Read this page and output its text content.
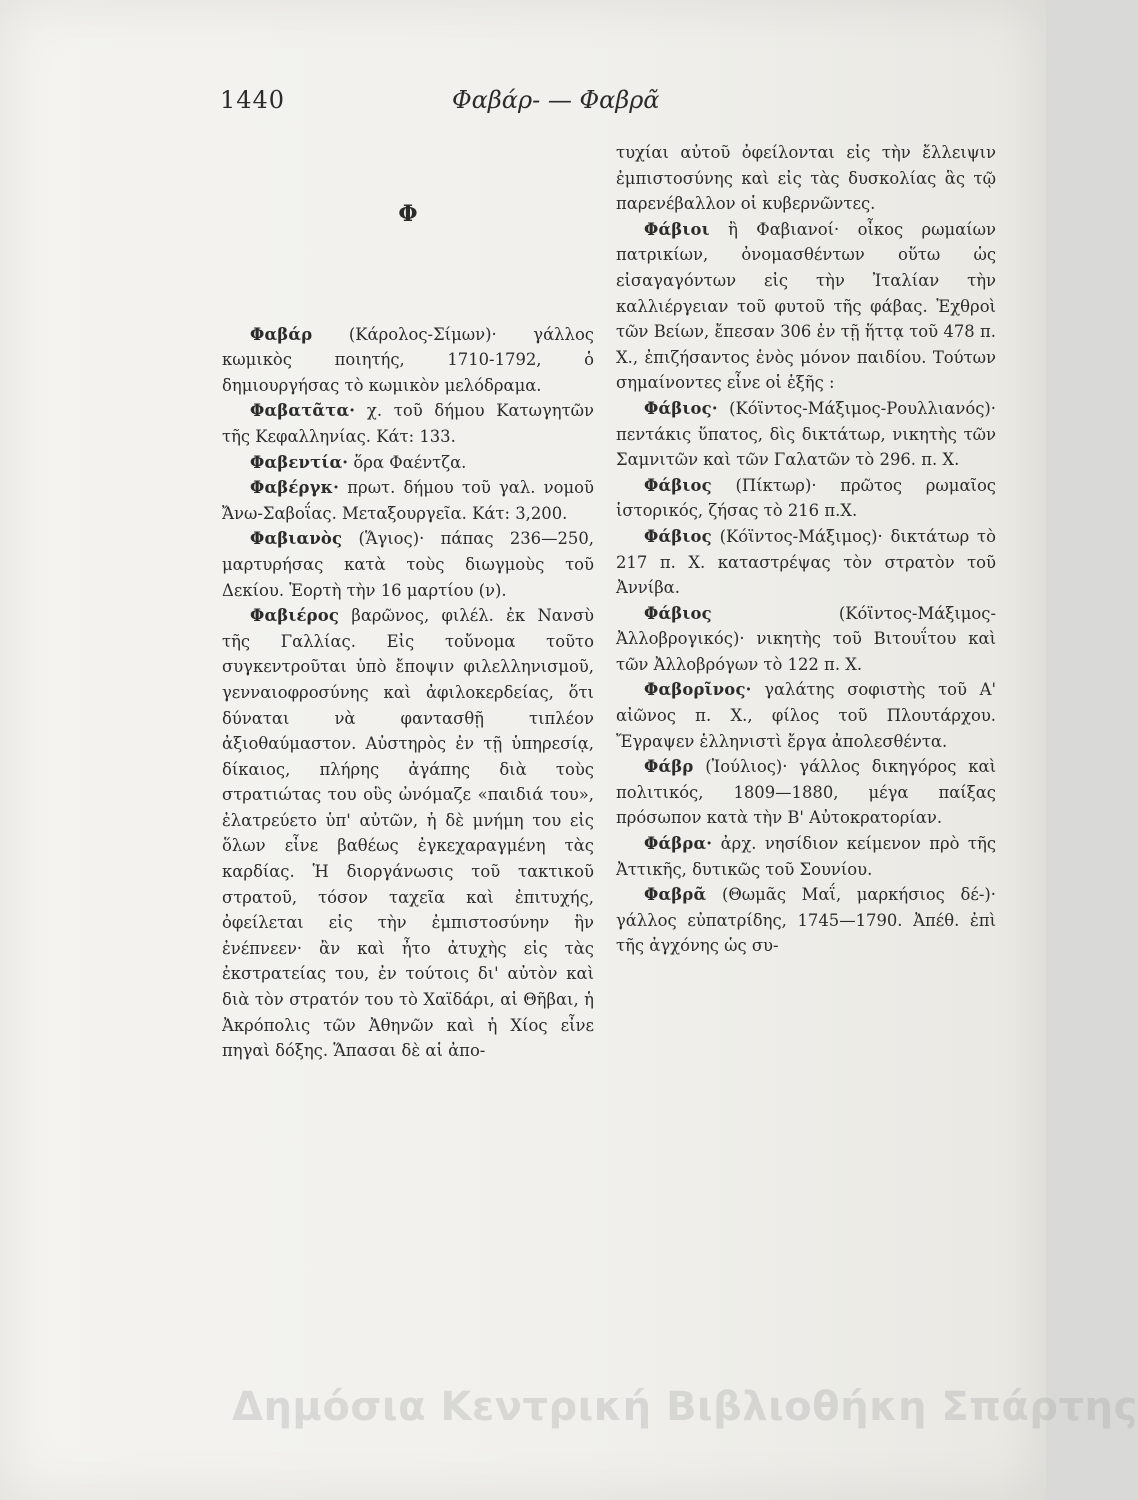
1440	Φαβάρ- — Φαβρᾶ
Φ

Φαβάρ (Κάρολος-Σίμων)· γάλλος κωμικὸς ποιητής, 1710-1792, ὁ δημιουργήσας τὸ κωμικὸν μελόδραμα.

Φαβατᾶτα· χ. τοῦ δήμου Κατωγητῶν τῆς Κεφαλληνίας. Κάτ: 133.

Φαβεντία· ὅρα Φαέντζα.

Φαβέργκ· πρωτ. δήμου τοῦ γαλ. νομοῦ Ἄνω-Σαβοΐας. Μεταξουργεῖα. Κάτ: 3,200.

Φαβιανὸς (Ἅγιος)· πάπας 236—250, μαρτυρήσας κατὰ τοὺς διωγμοὺς τοῦ Δεκίου. Ἑορτὴ τὴν 16 μαρτίου (ν).

Φαβιέρος βαρῶνος, φιλέλ. ἐκ Νανσὺ τῆς Γαλλίας. Εἰς τοὔνομα τοῦτο συγκεντροῦται ὑπὸ ἔποψιν φιλελληνισμοῦ, γενναιοφροσύνης καὶ ἀφιλοκερδείας, ὅτι δύναται νὰ φαντασθῇ τιπλέον ἀξιοθαύμαστον. Αὐστηρὸς ἐν τῇ ὑπηρεσίᾳ, δίκαιος, πλήρης ἀγάπης διὰ τοὺς στρατιώτας του οὓς ὠνόμαζε «παιδιά του», ἐλατρεύετο ὑπ' αὐτῶν, ἡ δὲ μνήμη του εἰς ὅλων εἶνε βαθέως ἐγκεχαραγμένη τὰς καρδίας. Ἡ διοργάνωσις τοῦ τακτικοῦ στρατοῦ, τόσον ταχεῖα καὶ ἐπιτυχής, ὀφείλεται εἰς τὴν ἐμπιστοσύνην ἣν ἐνέπνεεν· ἂν καὶ ἦτο ἀτυχὴς εἰς τὰς ἐκστρατείας του, ἐν τούτοις δι' αὐτὸν καὶ διὰ τὸν στρατόν του τὸ Χαϊδάρι, αἱ Θῆβαι, ἡ Ἀκρόπολις τῶν Ἀθηνῶν καὶ ἡ Χίος εἶνε πηγαὶ δόξης. Ἅπασαι δὲ αἱ ἀπο-

τυχίαι αὐτοῦ ὀφείλονται εἰς τὴν ἔλλειψιν ἐμπιστοσύνης καὶ εἰς τὰς δυσκολίας ἃς τῷ παρενέβαλλον οἱ κυβερνῶντες.

Φάβιοι ἢ Φαβιανοί· οἶκος ρωμαίων πατρικίων, ὀνομασθέντων οὕτω ὡς εἰσαγαγόντων εἰς τὴν Ἰταλίαν τὴν καλλιέργειαν τοῦ φυτοῦ τῆς φάβας. Ἐχθροὶ τῶν Βείων, ἔπεσαν 306 ἐν τῇ ἥττᾳ τοῦ 478 π. Χ., ἐπιζήσαντος ἑνὸς μόνον παιδίου. Τούτων σημαίνοντες εἶνε οἱ ἑξῆς :

Φάβιος· (Κόϊντος-Μάξιμος-Ρουλλιανός)· πεντάκις ὕπατος, δὶς δικτάτωρ, νικητὴς τῶν Σαμνιτῶν καὶ τῶν Γαλατῶν τὸ 296. π. Χ.

Φάβιος (Πίκτωρ)· πρῶτος ρωμαῖος ἱστορικός, ζήσας τὸ 216 π.Χ.

Φάβιος (Κόϊντος-Μάξιμος)· δικτάτωρ τὸ 217 π. Χ. καταστρέψας τὸν στρατὸν τοῦ Ἀννίβα.

Φάβιος	(Κόϊντος-Μάξιμος-Ἀλλοβρογικός)· νικητὴς τοῦ Βιτουΐτου καὶ τῶν Ἀλλοβρόγων τὸ 122 π. Χ.

Φαβορῖνος· γαλάτης σοφιστὴς τοῦ Α' αἰῶνος π. Χ., φίλος τοῦ Πλουτάρχου. Ἔγραψεν ἑλληνιστὶ ἔργα ἀπολεσθέντα.

Φάβρ (Ἰούλιος)· γάλλος δικηγόρος καὶ πολιτικός, 1809—1880, μέγα παίξας πρόσωπον κατὰ τὴν Β' Αὐτοκρατορίαν.

Φάβρα· ἀρχ. νησίδιον κείμενον πρὸ τῆς Ἀττικῆς, δυτικῶς τοῦ Σουνίου.

Φαβρᾶ (Θωμᾶς Μαΐ, μαρκήσιος δέ-)· γάλλος εὐπατρίδης, 1745—1790. Ἀπέθ. ἐπὶ τῆς ἀγχόνης ὡς συ-

Δημόσια Κεντρική Βιβλιοθήκη Σπάρτης
